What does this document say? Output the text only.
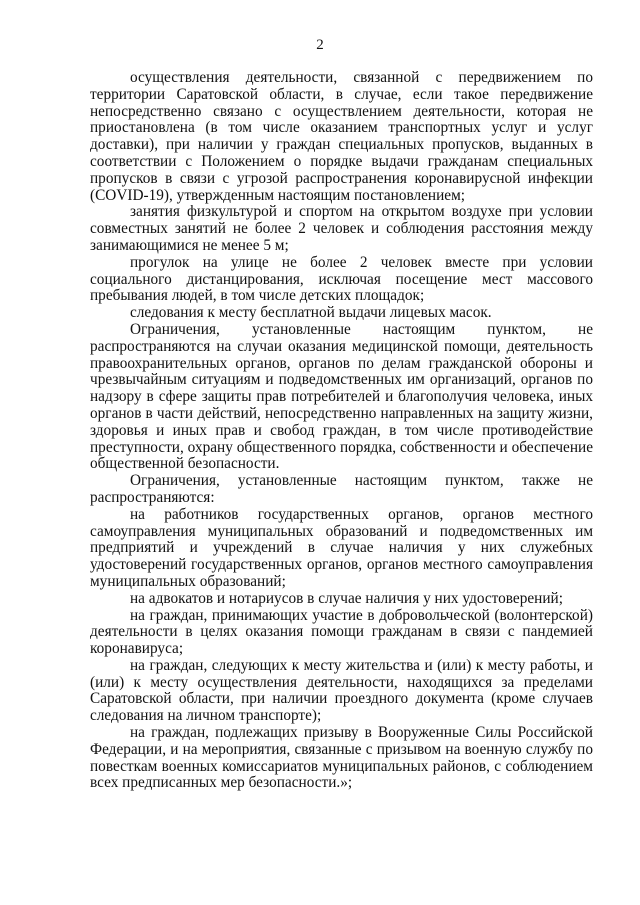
2

осуществления деятельности, связанной с передвижением по территории Саратовской области, в случае, если такое передвижение непосредственно связано с осуществлением деятельности, которая не приостановлена (в том числе оказанием транспортных услуг и услуг доставки), при наличии у граждан специальных пропусков, выданных в соответствии с Положением о порядке выдачи гражданам специальных пропусков в связи с угрозой распространения коронавирусной инфекции (COVID-19), утвержденным настоящим постановлением;

занятия физкультурой и спортом на открытом воздухе при условии совместных занятий не более 2 человек и соблюдения расстояния между занимающимися не менее 5 м;

прогулок на улице не более 2 человек вместе при условии социального дистанцирования, исключая посещение мест массового пребывания людей, в том числе детских площадок;

следования к месту бесплатной выдачи лицевых масок.

Ограничения, установленные настоящим пунктом, не распространяются на случаи оказания медицинской помощи, деятельность правоохранительных органов, органов по делам гражданской обороны и чрезвычайным ситуациям и подведомственных им организаций, органов по надзору в сфере защиты прав потребителей и благополучия человека, иных органов в части действий, непосредственно направленных на защиту жизни, здоровья и иных прав и свобод граждан, в том числе противодействие преступности, охрану общественного порядка, собственности и обеспечение общественной безопасности.

Ограничения, установленные настоящим пунктом, также не распространяются:

на работников государственных органов, органов местного самоуправления муниципальных образований и подведомственных им предприятий и учреждений в случае наличия у них служебных удостоверений государственных органов, органов местного самоуправления муниципальных образований;

на адвокатов и нотариусов в случае наличия у них удостоверений;

на граждан, принимающих участие в добровольческой (волонтерской) деятельности в целях оказания помощи гражданам в связи с пандемией коронавируса;

на граждан, следующих к месту жительства и (или) к месту работы, и (или) к месту осуществления деятельности, находящихся за пределами Саратовской области, при наличии проездного документа (кроме случаев следования на личном транспорте);

на граждан, подлежащих призыву в Вооруженные Силы Российской Федерации, и на мероприятия, связанные с призывом на военную службу по повесткам военных комиссариатов муниципальных районов, с соблюдением всех предписанных мер безопасности.»;
